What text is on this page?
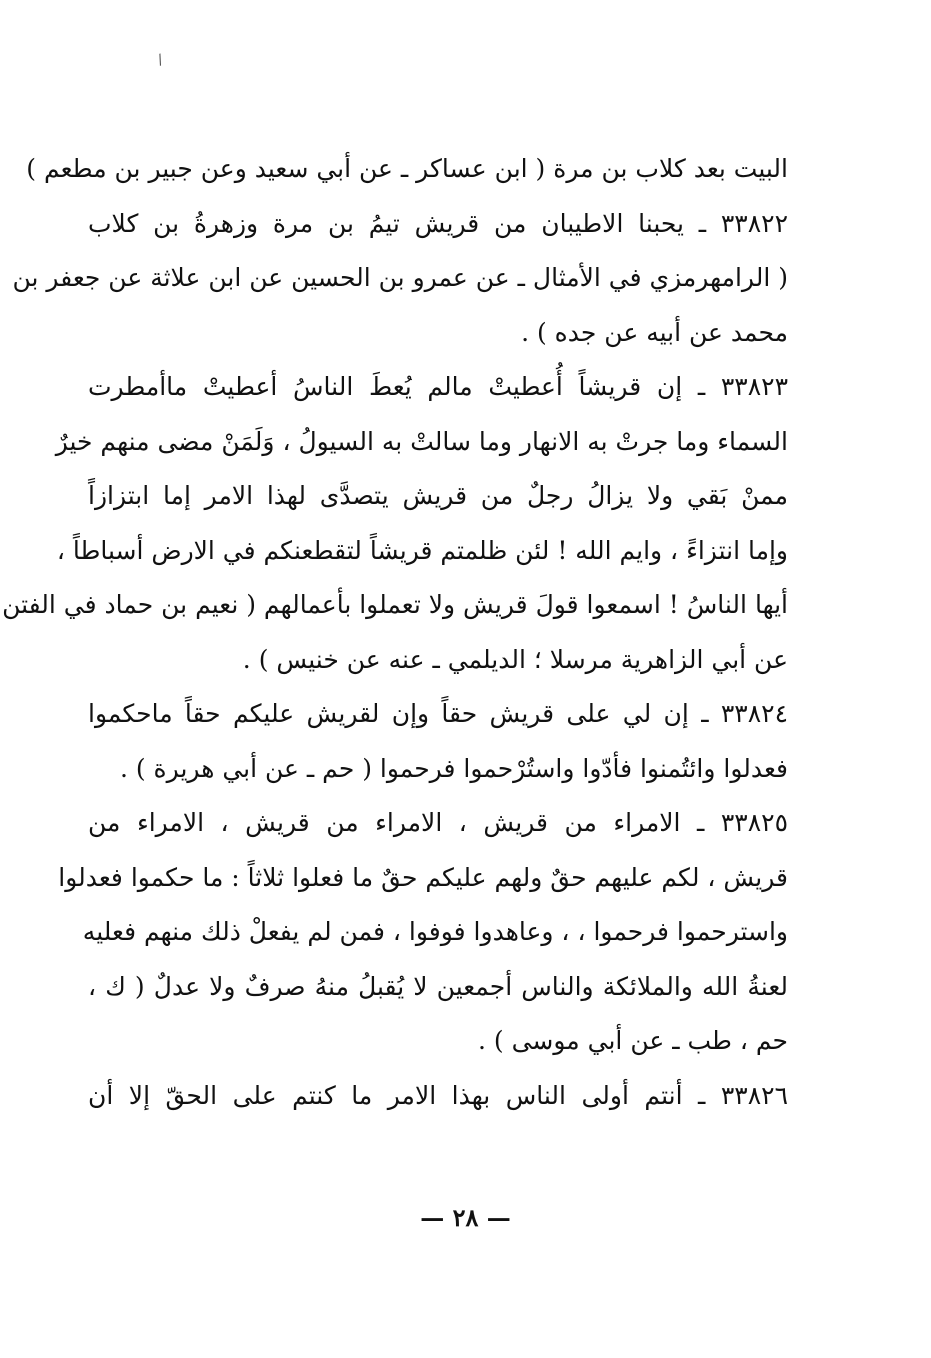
/
البيت بعد كلاب بن مرة ( ابن عساكر ـ عن أبي سعيد وعن جبير بن مطعم )
٣٣٨٢٢ ـ يحبنا الاطيبان من قريش تيمُ بن مرة وزهرةُ بن كلاب
( الرامهرمزي في الأمثال ـ عن عمرو بن الحسين عن ابن علاثة عن جعفر بن
محمد عن أبيه عن جده ) .
٣٣٨٢٣ ـ إن قريشاً أُعطيتْ مالم يُعطَ الناسُ أعطيتْ ماأمطرت
السماء وما جرتْ به الانهار وما سالتْ به السيولُ ، وَلَمَنْ مضى منهم خيرٌ
ممنْ بَقي ولا يزالُ رجلٌ من قريش يتصدَّى لهذا الامر إما ابتزازاً
وإما انتزاءً ، وايم الله ! لئن ظلمتم قريشاً لتقطعنكم في الارض أسباطاً ،
أيها الناسُ ! اسمعوا قولَ قريش ولا تعملوا بأعمالهم ( نعيم بن حماد في الفتن
عن أبي الزاهرية مرسلا ؛ الديلمي ـ عنه عن خنيس ) .
٣٣٨٢٤ ـ إن لي على قريش حقاً وإن لقريش عليكم حقاً ماحكموا
فعدلوا وائتُمنوا فأدّوا واستُرْحموا فرحموا ( حم ـ عن أبي هريرة ) .
٣٣٨٢٥ ـ الامراء من قريش ، الامراء من قريش ، الامراء من
قريش ، لكم عليهم حقٌ ولهم عليكم حقٌ ما فعلوا ثلاثاً : ما حكموا فعدلوا
واسترحموا فرحموا ، ، وعاهدوا فوفوا ، فمن لم يفعلْ ذلك منهم فعليه
لعنةُ الله والملائكة والناس أجمعين لا يُقبلُ منهُ صرفٌ ولا عدلٌ ( ك ،
حم ، طب ـ عن أبي موسى ) .
٣٣٨٢٦ ـ أنتم أولى الناس بهذا الامر ما كنتم على الحقّ إلا أن
— ٢٨ —
